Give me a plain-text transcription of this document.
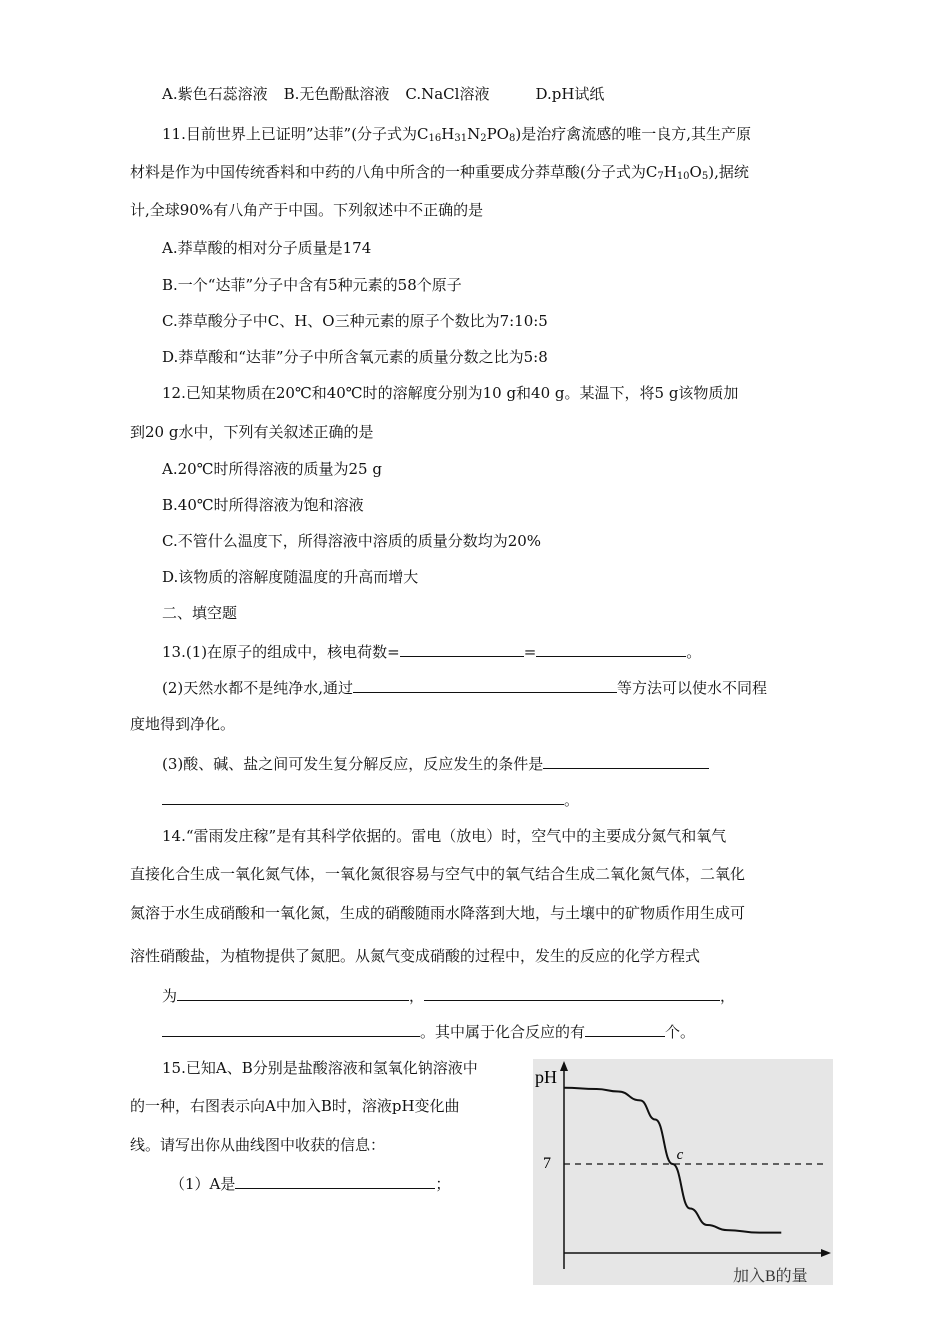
A.紫色石蕊溶液 B.无色酚酞溶液 C.NaCl溶液	D.pH试纸
11.目前世界上已证明”达菲”(分子式为$C_{16}H_{31}N_2PO_8$)是治疗禽流感的唯一良方,其生产原
材料是作为中国传统香料和中药的八角中所含的一种重要成分莽草酸(分子式为$C_7H_{10}O_5$),据统
计,全球90%有八角产于中国。下列叙述中不正确的是
A.莽草酸的相对分子质量是174
B.一个“达菲”分子中含有5种元素的58个原子
C.莽草酸分子中C、H、O三种元素的原子个数比为7:10:5
D.莽草酸和“达菲”分子中所含氧元素的质量分数之比为5:8
12.已知某物质在20℃和40℃时的溶解度分别为10 g和40 g。某温下，将5 g该物质加
到20 g水中，下列有关叙述正确的是
A.20℃时所得溶液的质量为25 g
B.40℃时所得溶液为饱和溶液
C.不管什么温度下，所得溶液中溶质的质量分数均为20%
D.该物质的溶解度随温度的升高而增大
二、填空题
13.(1)在原子的组成中，核电荷数=	=	。
(2)天然水都不是纯净水,通过	等方法可以使水不同程
度地得到净化。
(3)酸、碱、盐之间可发生复分解反应，反应发生的条件是
。
14.“雷雨发庄稼”是有其科学依据的。雷电（放电）时，空气中的主要成分氮气和氧气
直接化合生成一氧化氮气体，一氧化氮很容易与空气中的氧气结合生成二氧化氮气体，二氧化
氮溶于水生成硝酸和一氧化氮，生成的硝酸随雨水降落到大地，与土壤中的矿物质作用生成可
溶性硝酸盐，为植物提供了氮肥。从氮气变成硝酸的过程中，发生的反应的化学方程式
为	，	，
。其中属于化合反应的有	个。
15.已知A、B分别是盐酸溶液和氢氧化钠溶液中
的一种，右图表示向A中加入B时，溶液pH变化曲
线。请写出你从曲线图中收获的信息：
（1）A是	；
pH
加入B的量
7	c
